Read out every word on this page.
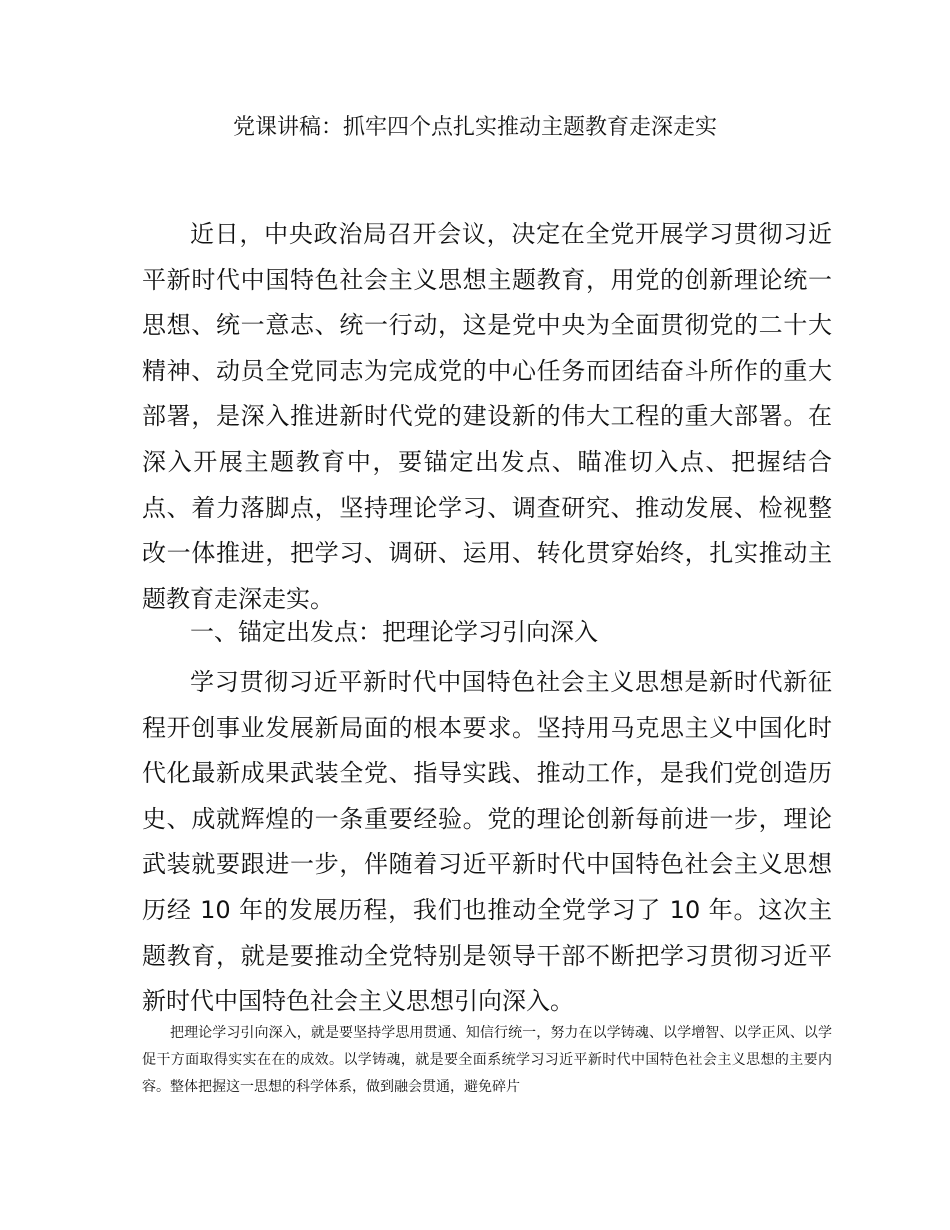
党课讲稿：抓牢四个点扎实推动主题教育走深走实

近日，中央政治局召开会议，决定在全党开展学习贯彻习近平新时代中国特色社会主义思想主题教育，用党的创新理论统一思想、统一意志、统一行动，这是党中央为全面贯彻党的二十大精神、动员全党同志为完成党的中心任务而团结奋斗所作的重大部署，是深入推进新时代党的建设新的伟大工程的重大部署。在深入开展主题教育中，要锚定出发点、瞄准切入点、把握结合点、着力落脚点，坚持理论学习、调查研究、推动发展、检视整改一体推进，把学习、调研、运用、转化贯穿始终，扎实推动主题教育走深走实。

一、锚定出发点：把理论学习引向深入

学习贯彻习近平新时代中国特色社会主义思想是新时代新征程开创事业发展新局面的根本要求。坚持用马克思主义中国化时代化最新成果武装全党、指导实践、推动工作，是我们党创造历史、成就辉煌的一条重要经验。党的理论创新每前进一步，理论武装就要跟进一步，伴随着习近平新时代中国特色社会主义思想历经 10 年的发展历程，我们也推动全党学习了 10 年。这次主题教育，就是要推动全党特别是领导干部不断把学习贯彻习近平新时代中国特色社会主义思想引向深入。

把理论学习引向深入，就是要坚持学思用贯通、知信行统一，努力在以学铸魂、以学增智、以学正风、以学促干方面取得实实在在的成效。以学铸魂，就是要全面系统学习习近平新时代中国特色社会主义思想的主要内容。整体把握这一思想的科学体系，做到融会贯通，避免碎片
